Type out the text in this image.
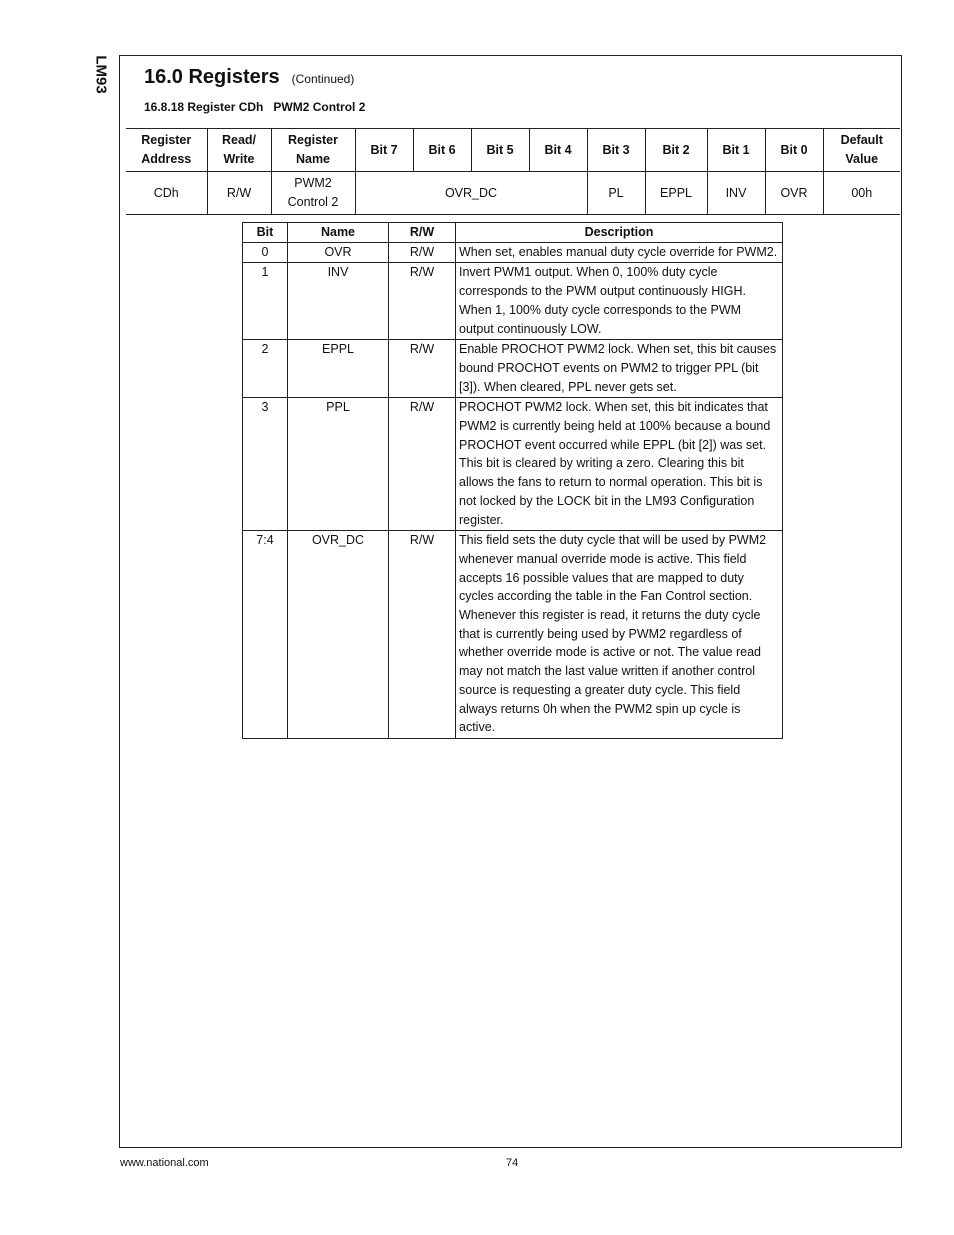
LM93 16.0 Registers (Continued)
16.8.18 Register CDh   PWM2 Control 2
Register Address	Read/ Write	Register Name	Bit 7	Bit 6	Bit 5	Bit 4	Bit 3	Bit 2	Bit 1	Bit 0	Default Value
CDh	R/W	PWM2 Control 2	OVR_DC				PL	EPPL	INV	OVR	00h
Bit	Name	R/W	Description
0	OVR	R/W	When set, enables manual duty cycle override for PWM2.
1	INV	R/W	Invert PWM1 output. When 0, 100% duty cycle corresponds to the PWM output continuously HIGH. When 1, 100% duty cycle corresponds to the PWM output continuously LOW.
2	EPPL	R/W	Enable PROCHOT PWM2 lock. When set, this bit causes bound PROCHOT events on PWM2 to trigger PPL (bit [3]). When cleared, PPL never gets set.
3	PPL	R/W	PROCHOT PWM2 lock. When set, this bit indicates that PWM2 is currently being held at 100% because a bound PROCHOT event occurred while EPPL (bit [2]) was set. This bit is cleared by writing a zero. Clearing this bit allows the fans to return to normal operation. This bit is not locked by the LOCK bit in the LM93 Configuration register.
7:4	OVR_DC	R/W	This field sets the duty cycle that will be used by PWM2 whenever manual override mode is active. This field accepts 16 possible values that are mapped to duty cycles according the table in the Fan Control section. Whenever this register is read, it returns the duty cycle that is currently being used by PWM2 regardless of whether override mode is active or not. The value read may not match the last value written if another control source is requesting a greater duty cycle. This field always returns 0h when the PWM2 spin up cycle is active.
www.national.com	74
